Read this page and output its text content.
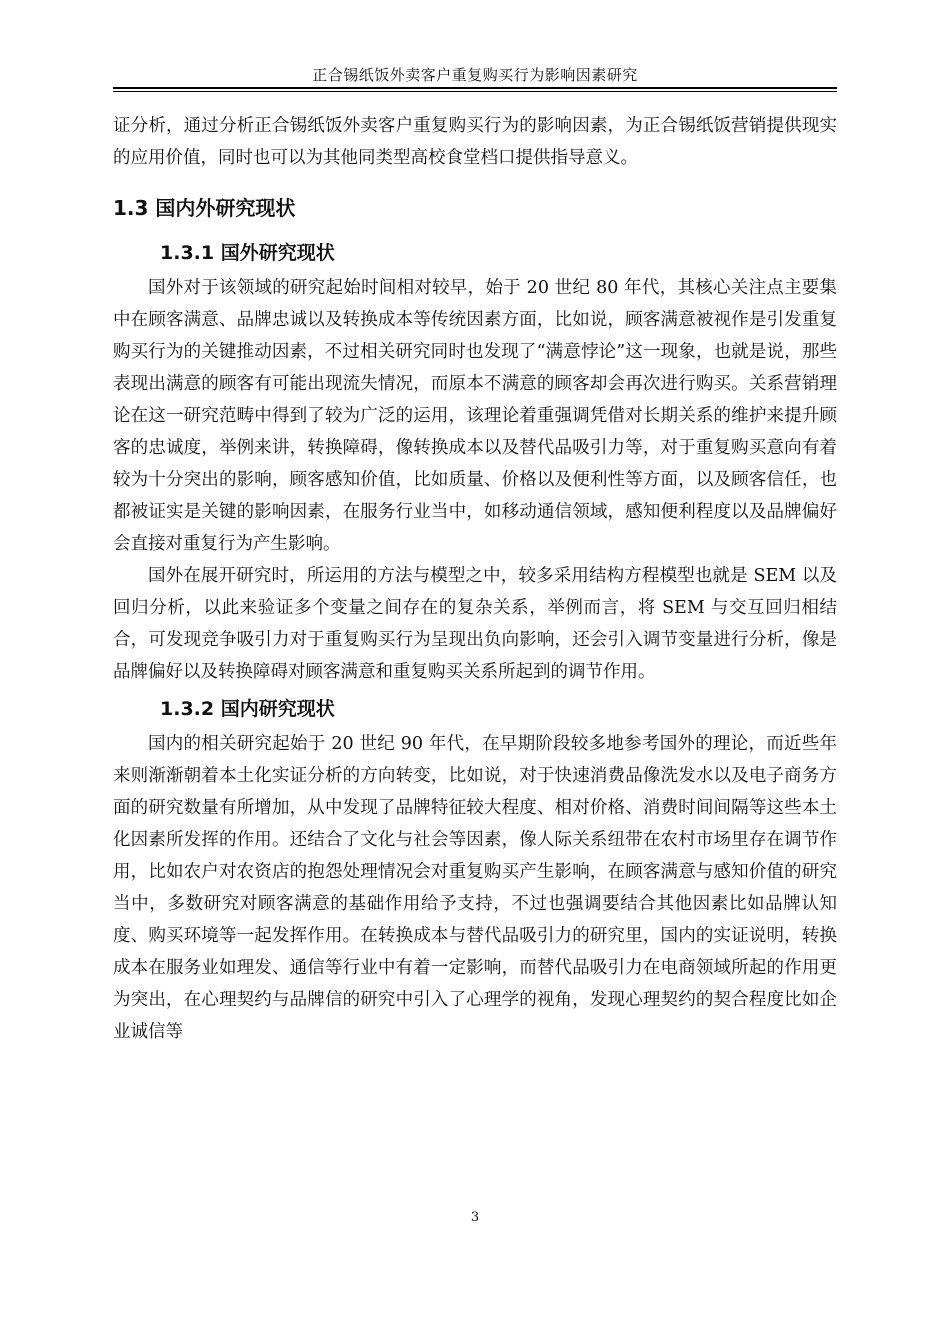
正合锡纸饭外卖客户重复购买行为影响因素研究

证分析，通过分析正合锡纸饭外卖客户重复购买行为的影响因素，为正合锡纸饭营销提供现实的应用价值，同时也可以为其他同类型高校食堂档口提供指导意义。

1.3 国内外研究现状
1.3.1 国外研究现状

国外对于该领域的研究起始时间相对较早，始于 20 世纪 80 年代，其核心关注点主要集中在顾客满意、品牌忠诚以及转换成本等传统因素方面，比如说，顾客满意被视作是引发重复购买行为的关键推动因素，不过相关研究同时也发现了“满意悖论”这一现象，也就是说，那些表现出满意的顾客有可能出现流失情况，而原本不满意的顾客却会再次进行购买。关系营销理论在这一研究范畴中得到了较为广泛的运用，该理论着重强调凭借对长期关系的维护来提升顾客的忠诚度，举例来讲，转换障碍，像转换成本以及替代品吸引力等，对于重复购买意向有着较为十分突出的影响，顾客感知价值，比如质量、价格以及便利性等方面，以及顾客信任，也都被证实是关键的影响因素，在服务行业当中，如移动通信领域，感知便利程度以及品牌偏好会直接对重复行为产生影响。

国外在展开研究时，所运用的方法与模型之中，较多采用结构方程模型也就是 SEM 以及回归分析，以此来验证多个变量之间存在的复杂关系，举例而言，将 SEM 与交互回归相结合，可发现竞争吸引力对于重复购买行为呈现出负向影响，还会引入调节变量进行分析，像是品牌偏好以及转换障碍对顾客满意和重复购买关系所起到的调节作用。

1.3.2 国内研究现状

国内的相关研究起始于 20 世纪 90 年代，在早期阶段较多地参考国外的理论，而近些年来则渐渐朝着本土化实证分析的方向转变，比如说，对于快速消费品像洗发水以及电子商务方面的研究数量有所增加，从中发现了品牌特征较大程度、相对价格、消费时间间隔等这些本土化因素所发挥的作用。还结合了文化与社会等因素，像人际关系纽带在农村市场里存在调节作用，比如农户对农资店的抱怨处理情况会对重复购买产生影响，在顾客满意与感知价值的研究当中，多数研究对顾客满意的基础作用给予支持，不过也强调要结合其他因素比如品牌认知度、购买环境等一起发挥作用。在转换成本与替代品吸引力的研究里，国内的实证说明，转换成本在服务业如理发、通信等行业中有着一定影响，而替代品吸引力在电商领域所起的作用更为突出，在心理契约与品牌信的研究中引入了心理学的视角，发现心理契约的契合程度比如企业诚信等

3
